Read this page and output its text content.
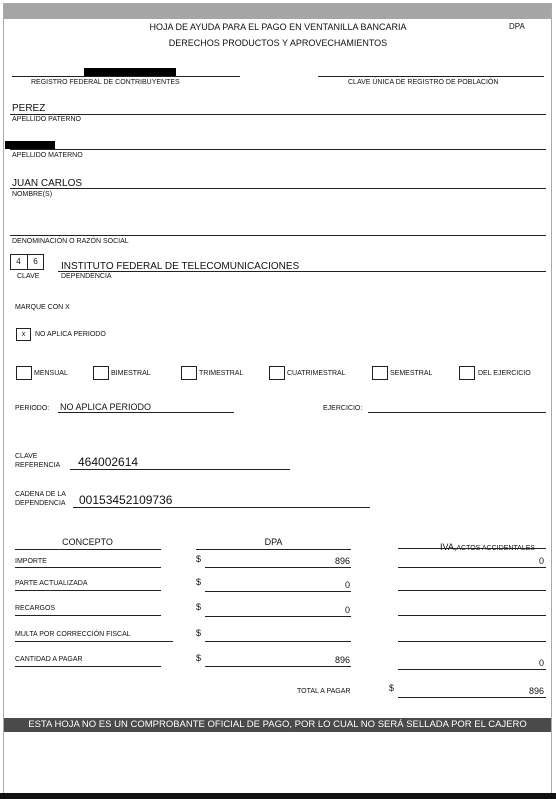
HOJA DE AYUDA PARA EL PAGO EN VENTANILLA BANCARIA
DERECHOS PRODUCTOS Y APROVECHAMIENTOS
DPA
REGISTRO FEDERAL DE CONTRIBUYENTES	CLAVE ÚNICA DE REGISTRO DE POBLACIÓN
PEREZ
APELLIDO PATERNO
APELLIDO MATERNO
JUAN CARLOS
NOMBRE(S)
DENOMINACIÓN O RAZÓN SOCIAL
4	6
CLAVE
INSTITUTO FEDERAL DE TELECOMUNICACIONES
DEPENDENCIA
MARQUE CON X
x	NO APLICA PERIODO
MENSUAL	BIMESTRAL	TRIMESTRAL	CUATRIMESTRAL	SEMESTRAL	DEL EJERCICIO
PERIODO: NO APLICA PERIODO	EJERCICIO:
CLAVE
REFERENCIA 464002614
CADENA DE LA
DEPENDENCIA 00153452109736
CONCEPTO	DPA	IVA,ACTOS ACCIDENTALES
IMPORTE	$	896	0
PARTE ACTUALIZADA	$	0
RECARGOS	$	0
MULTA POR CORRECCIÓN FISCAL	$
CANTIDAD A PAGAR	$	896	0
TOTAL A PAGAR	$	896
ESTA HOJA NO ES UN COMPROBANTE OFICIAL DE PAGO, POR LO CUAL NO SERÁ SELLADA POR EL CAJERO
